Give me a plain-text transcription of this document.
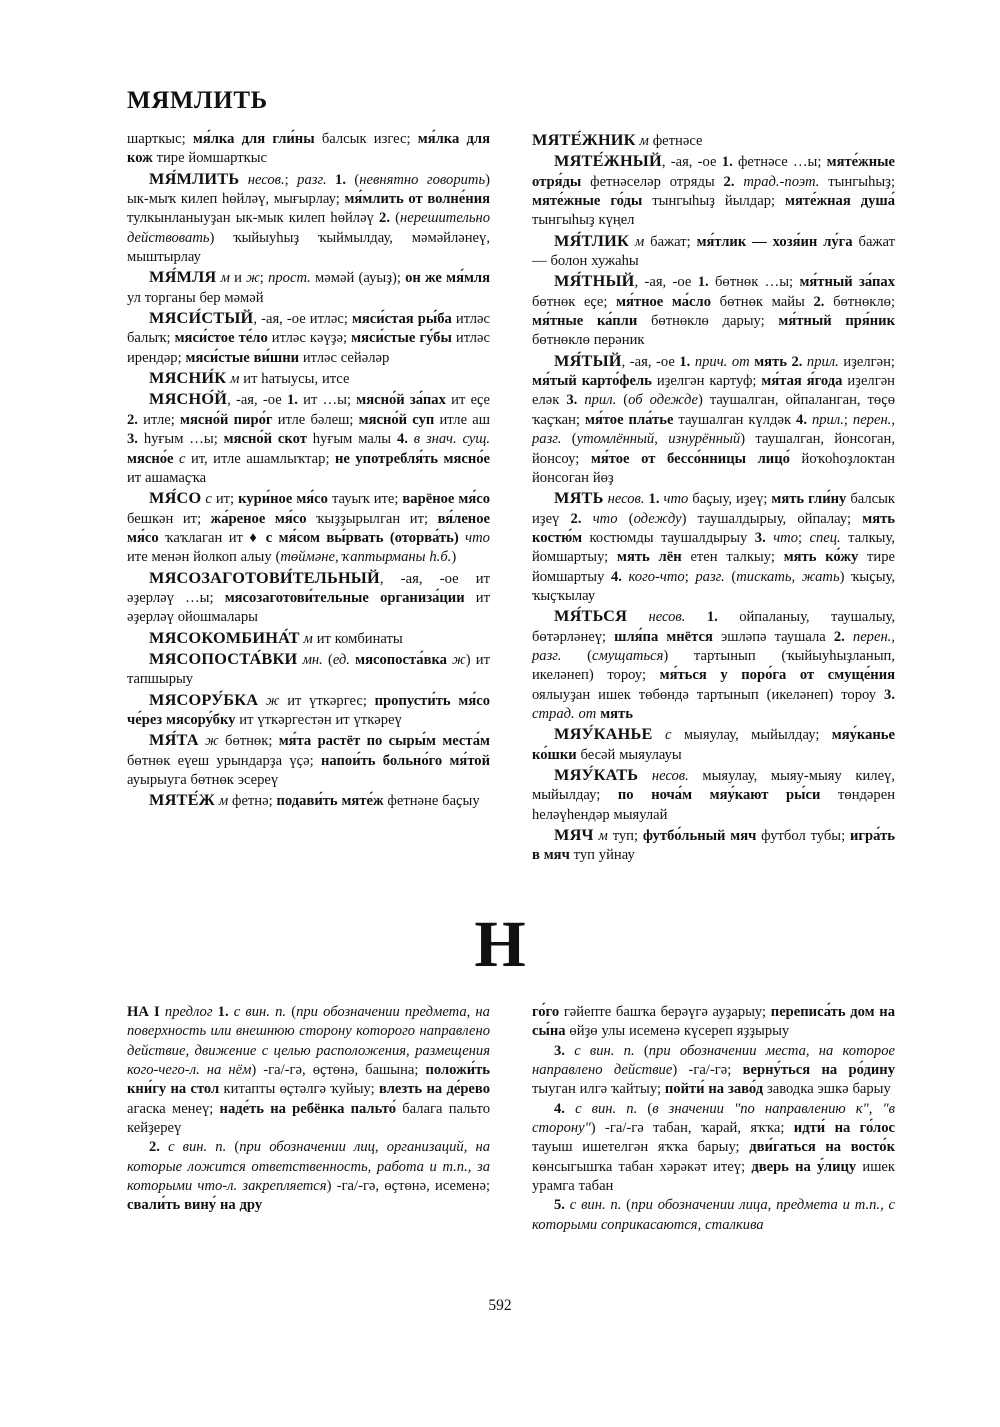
МЯМЛИТЬ

шарткыс; мя́лка для гли́ны балсык изгес; мя́лка для кож тире йомшарткыс

МЯ́МЛИТЬ несов.; разг. 1. (невнятно говорить) ык-мыҡ килеп һөйләү, мығырлау; мя́млить от волне́ния тулкынланыуҙан ык-мык килеп һөйләү 2. (нерешительно действовать) ҡыйыуһыҙ ҡыймылдау, мәмәйләнеү, мыштырлау

МЯ́МЛЯ м и ж; прост. мәмәй (ауыҙ); он же мя́мля ул торганы бер мәмәй

МЯСИ́СТЫЙ, -ая, -ое итләс; мяси́стая ры́ба итләс балыҡ; мяси́стое те́ло итләс кәүҙә; мяси́стые гу́бы итләс ирендәр; мяси́стые ви́шни итләс сейәләр

МЯСНИ́К м ит һатыусы, итсе

МЯСНО́Й, -ая, -ое 1. ит …ы; мясно́й за́пах ит еҫе 2. итле; мясно́й пиро́г итле бәлеш; мясно́й суп итле аш 3. һуғым …ы; мясно́й скот һуғым малы 4. в знач. сущ. мясно́е с ит, итле ашамлыҡтар; не употребля́ть мясно́е ит ашамаҫҡа

МЯ́СО с ит; кури́ное мя́со тауыҡ ите; варёное мя́со бешкән ит; жа́реное мя́со ҡыҙҙырылган ит; вя́леное мя́со ҡаҡлаган ит ♦ с мя́сом вы́рвать (оторва́ть) что ите менән йолкоп алыу (төймәне, ҡаптырманы һ.б.)

МЯСОЗАГОТОВИ́ТЕЛЬНЫЙ, -ая, -ое ит әҙерләү …ы; мясозаготови́тельные организа́ции ит әҙерләү ойошмалары

МЯСОКОМБИНА́Т м ит комбинаты

МЯСОПОСТА́ВКИ мн. (ед. мясопоста́вка ж) ит тапшырыу

МЯСОРУ́БКА ж ит үткәргес; пропусти́ть мя́со че́рез мясору́бку ит үткәргестән ит үткәреү

МЯ́ТА ж бөтнөк; мя́та растёт по сыры́м места́м бөтнөк еүеш урындарҙа үҫә; напои́ть больно́го мя́той ауырыуга бөтнөк эсереү

МЯТЕ́Ж м фетнә; подави́ть мяте́ж фетнәне баҫыу

МЯТЕ́ЖНИК м фетнәсе

МЯТЕ́ЖНЫЙ, -ая, -ое 1. фетнәсе …ы; мяте́жные отря́ды фетнәселәр отряды 2. трад.-поэт. тынгыһыҙ; мяте́жные го́ды тынгыһыҙ йылдар; мяте́жная душа́ тынгыһыҙ күңел

МЯ́ТЛИК м бажат; мя́тлик — хозя́ин лу́га бажат — болон хужаһы

МЯ́ТНЫЙ, -ая, -ое 1. бөтнөк …ы; мя́тный за́пах бөтнөк еҫе; мя́тное ма́сло бөтнөк майы 2. бөтнөклө; мя́тные ка́пли бөтнөклө дарыу; мя́тный пря́ник бөтнөклө перәник

МЯ́ТЫЙ, -ая, -ое 1. прич. от мять 2. прил. иҙелгән; мя́тый карто́фель иҙелгән картуф; мя́тая я́года иҙелгән еләк 3. прил. (об одежде) таушалган, ойпаланган, төҫө ҡаҫҡан; мя́тое пла́тье таушалган күлдәк 4. прил.; перен., разг. (утомлённый, изнурённый) таушалган, йонсоган, йонсоу; мя́тое от бессо́нницы лицо́ йоҡоһоҙлоктан йонсоган йөҙ

МЯТЬ несов. 1. что баҫыу, иҙеү; мять гли́ну балсык иҙеү 2. что (одежду) таушалдырыу, ойпалау; мять костю́м костюмды таушалдырыу 3. что; спец. талкыу, йомшартыу; мять лён етен талкыу; мять ко́жу тире йомшартыу 4. кого-что; разг. (тискать, жать) ҡыҫыу, ҡыҫҡылау

МЯ́ТЬСЯ несов. 1. ойпаланыу, таушалыу, бөтәрләнеү; шля́па мнётся эшләпә таушала 2. перен., разг. (смущаться) тартынып (ҡыйыуһыҙланып, икеләнеп) тороу; мя́ться у поро́га от смуще́ния оялыуҙан ишек төбөндә тартынып (икеләнеп) тороу 3. страд. от мять

МЯУ́КАНЬЕ с мыяулау, мыйылдау; мяу́канье ко́шки бесәй мыяулауы

МЯУ́КАТЬ несов. мыяулау, мыяу-мыяу килеү, мыйылдау; по ноча́м мяу́кают ры́си төндәрен һеләүһендәр мыяулай

МЯЧ м туп; футбо́льный мяч футбол тубы; игра́ть в мяч туп уйнау

Н

НА I предлог 1. с вин. п. (при обозначении предмета, на поверхность или внешнюю сторону которого направлено действие, движение с целью расположения, размещения кого-чего-л. на нём) -га/-гә, өҫтөнә, башына; положи́ть кни́гу на стол китапты өҫтәлгә ҡуйыу; влезть на де́рево агаска менеү; наде́ть на ребёнка пальто́ балага пальто кейҙереү

2. с вин. п. (при обозначении лиц, организаций, на которые ложится ответственность, работа и т.п., за которыми что-л. закрепляется) -га/-гә, өҫтөнә, исеменә; свали́ть вину́ на дру

го́го гәйепте башҡа берәүгә ауҙарыу; переписа́ть дом на сы́на өйҙө улы исеменә күсереп яҙҙырыу

3. с вин. п. (при обозначении места, на которое направлено действие) -га/-гә; верну́ться на ро́дину тыуган илгә ҡайтыу; пойти́ на заво́д заводка эшкә барыу

4. с вин. п. (в значении "по направлению к", "в сторону") -га/-гә табан, ҡарай, яҡҡа; идти́ на го́лос тауыш ишетелгән яҡҡа барыу; дви́гаться на восто́к көнсыгышҡа табан хәрәкәт итеү; дверь на у́лицу ишек урамга табан

5. с вин. п. (при обозначении лица, предмета и т.п., с которыми соприкасаются, сталкива

592
